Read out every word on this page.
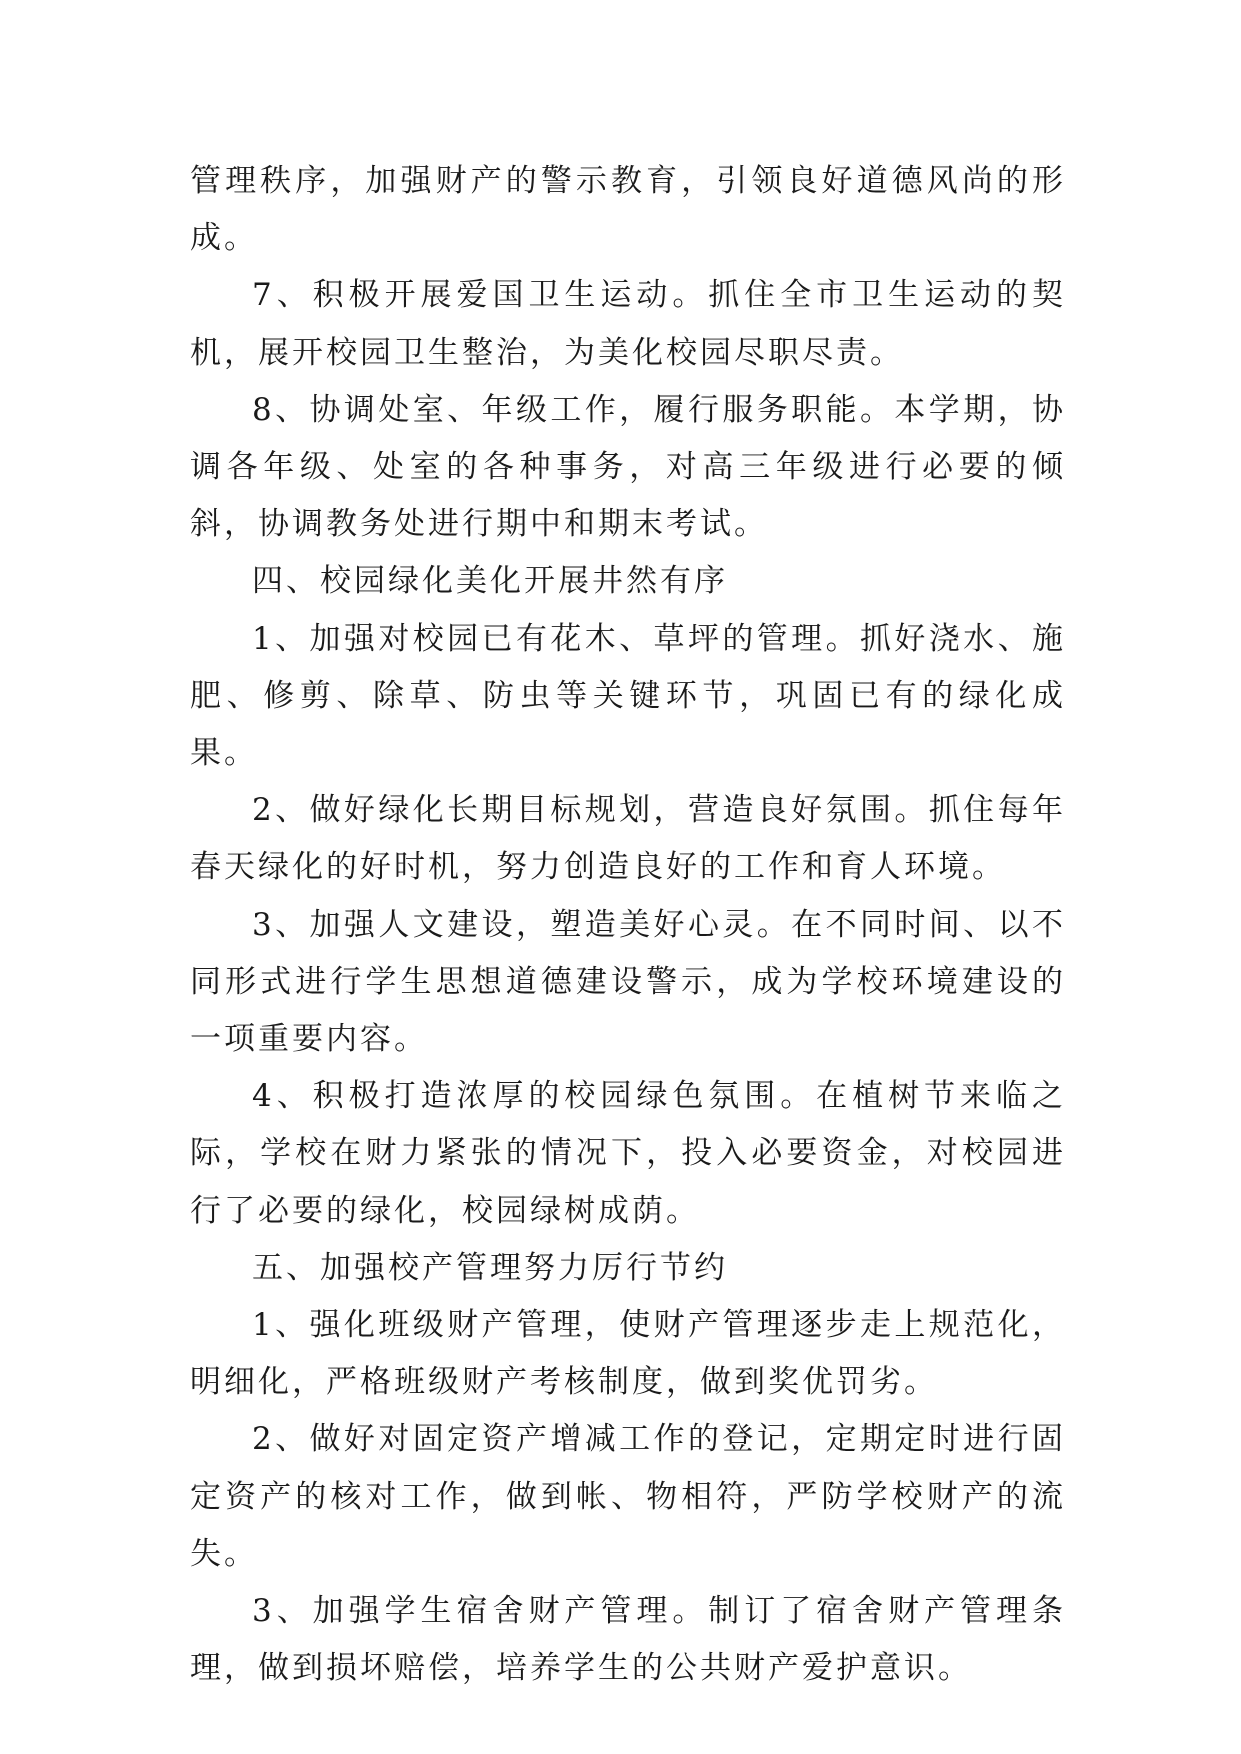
管理秩序，加强财产的警示教育，引领良好道德风尚的形成。

7、积极开展爱国卫生运动。抓住全市卫生运动的契机，展开校园卫生整治，为美化校园尽职尽责。

8、协调处室、年级工作，履行服务职能。本学期，协调各年级、处室的各种事务，对高三年级进行必要的倾斜，协调教务处进行期中和期末考试。

四、校园绿化美化开展井然有序

1、加强对校园已有花木、草坪的管理。抓好浇水、施肥、修剪、除草、防虫等关键环节，巩固已有的绿化成果。

2、做好绿化长期目标规划，营造良好氛围。抓住每年春天绿化的好时机，努力创造良好的工作和育人环境。

3、加强人文建设，塑造美好心灵。在不同时间、以不同形式进行学生思想道德建设警示，成为学校环境建设的一项重要内容。

4、积极打造浓厚的校园绿色氛围。在植树节来临之际，学校在财力紧张的情况下，投入必要资金，对校园进行了必要的绿化，校园绿树成荫。

五、加强校产管理努力厉行节约

1、强化班级财产管理，使财产管理逐步走上规范化，明细化，严格班级财产考核制度，做到奖优罚劣。

2、做好对固定资产增减工作的登记，定期定时进行固定资产的核对工作，做到帐、物相符，严防学校财产的流失。

3、加强学生宿舍财产管理。制订了宿舍财产管理条理，做到损坏赔偿，培养学生的公共财产爱护意识。
